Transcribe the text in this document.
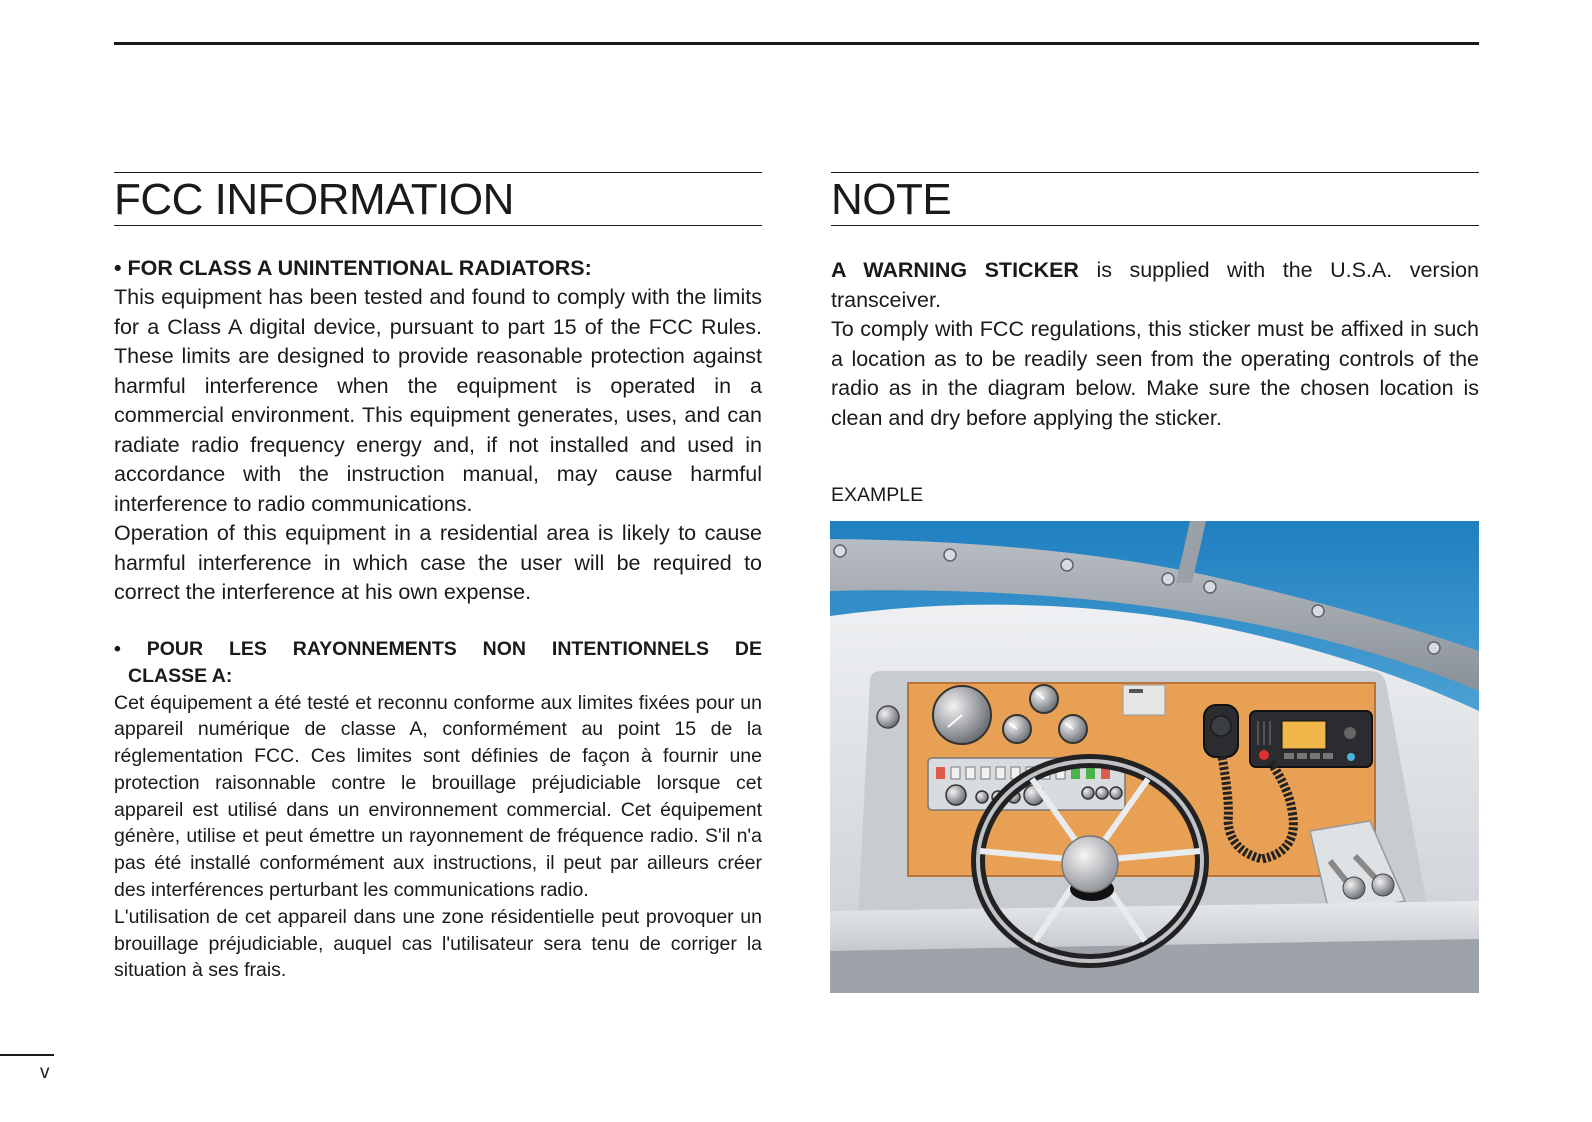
FCC INFORMATION

• FOR CLASS A UNINTENTIONAL RADIATORS:

This equipment has been tested and found to comply with the limits for a Class A digital device, pursuant to part 15 of the FCC Rules. These limits are designed to provide reasonable protection against harmful interference when the equipment is operated in a commercial environment. This equipment generates, uses, and can radiate radio frequency energy and, if not installed and used in accordance with the instruction manual, may cause harmful interference to radio communications.

Operation of this equipment in a residential area is likely to cause harmful interference in which case the user will be required to correct the interference at his own expense.

• POUR LES RAYONNEMENTS NON INTENTIONNELS DE
CLASSE A:

Cet équipement a été testé et reconnu conforme aux limites fixées pour un appareil numérique de classe A, conformément au point 15 de la réglementation FCC. Ces limites sont définies de façon à fournir une protection raisonnable contre le brouillage préjudiciable lorsque cet appareil est utilisé dans un environnement commercial. Cet équipement génère, utilise et peut émettre un rayonnement de fréquence radio. S'il n'a pas été installé conformément aux instructions, il peut par ailleurs créer des interférences perturbant les communications radio.

L'utilisation de cet appareil dans une zone résidentielle peut provoquer un brouillage préjudiciable, auquel cas l'utilisateur sera tenu de corriger la situation à ses frais.

NOTE

A WARNING STICKER is supplied with the U.S.A. version transceiver.

To comply with FCC regulations, this sticker must be affixed in such a location as to be readily seen from the operating controls of the radio as in the diagram below. Make sure the chosen location is clean and dry before applying the sticker.

EXAMPLE
v
